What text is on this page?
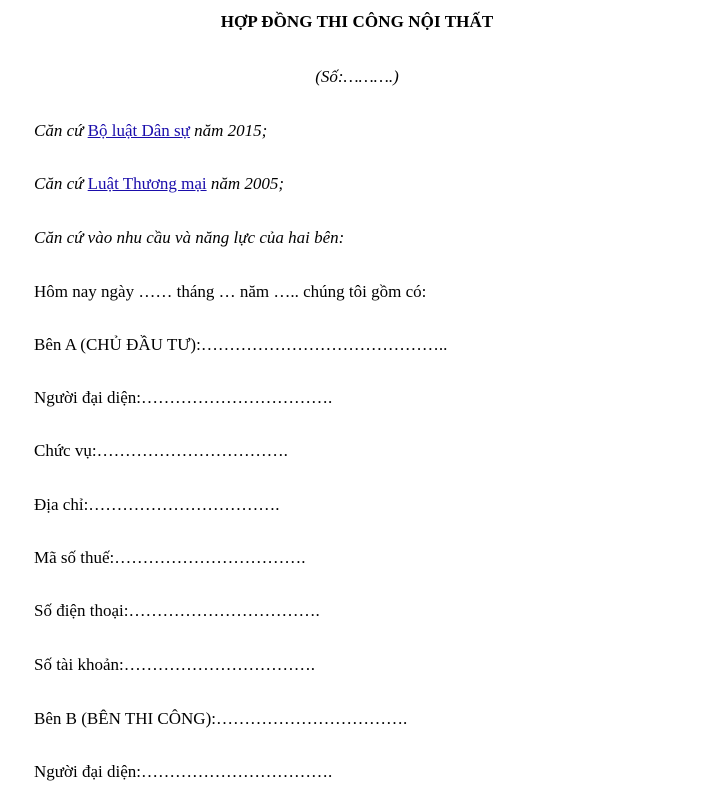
HỢP ĐỒNG THI CÔNG NỘI THẤT
(Số:……….)
Căn cứ Bộ luật Dân sự năm 2015;
Căn cứ Luật Thương mại năm 2005;
Căn cứ vào nhu cầu và năng lực của hai bên:
Hôm nay ngày …… tháng … năm ….. chúng tôi gồm có:
Bên A (CHỦ ĐẦU TƯ):……………………………………..
Người đại diện:…………………………….
Chức vụ:…………………………….
Địa chỉ:…………………………….
Mã số thuế:…………………………….
Số điện thoại:…………………………….
Số tài khoản:…………………………….
Bên B (BÊN THI CÔNG):…………………………….
Người đại diện:…………………………….
